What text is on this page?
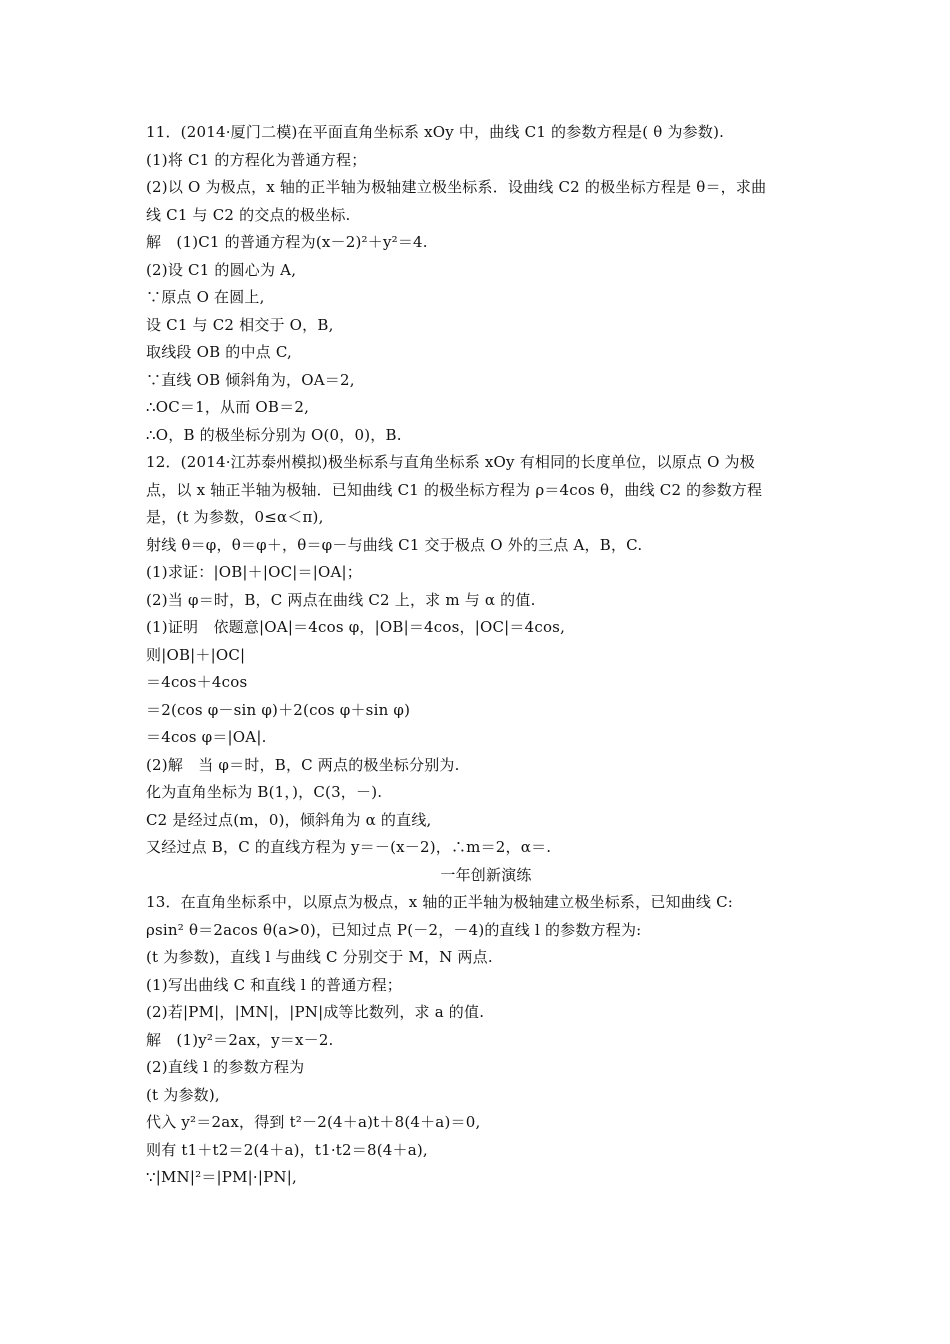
11．(2014·厦门二模)在平面直角坐标系 xOy 中，曲线 C1 的参数方程是( θ 为参数).
(1)将 C1 的方程化为普通方程；
(2)以 O 为极点，x 轴的正半轴为极轴建立极坐标系．设曲线 C2 的极坐标方程是 θ＝，求曲
线 C1 与 C2 的交点的极坐标.
解　(1)C1 的普通方程为(x－2)²＋y²＝4.
(2)设 C1 的圆心为 A,
∵原点 O 在圆上,
设 C1 与 C2 相交于 O，B,
取线段 OB 的中点 C,
∵直线 OB 倾斜角为，OA＝2,
∴OC＝1，从而 OB＝2,
∴O，B 的极坐标分别为 O(0，0)，B.
12．(2014·江苏泰州模拟)极坐标系与直角坐标系 xOy 有相同的长度单位，以原点 O 为极
点，以 x 轴正半轴为极轴．已知曲线 C1 的极坐标方程为 ρ＝4cos θ，曲线 C2 的参数方程
是，(t 为参数，0≤α＜π),
射线 θ＝φ，θ＝φ＋，θ＝φ－与曲线 C1 交于极点 O 外的三点 A，B，C.
(1)求证：|OB|＋|OC|＝|OA|；
(2)当 φ＝时，B，C 两点在曲线 C2 上，求 m 与 α 的值.
(1)证明　依题意|OA|＝4cos φ，|OB|＝4cos，|OC|＝4cos,
则|OB|＋|OC|
＝4cos＋4cos
＝2(cos φ－sin φ)＋2(cos φ＋sin φ)
＝4cos φ＝|OA|.
(2)解　当 φ＝时，B，C 两点的极坐标分别为.
化为直角坐标为 B(1，)，C(3，－).
C2 是经过点(m，0)，倾斜角为 α 的直线,
又经过点 B，C 的直线方程为 y＝－(x－2)，∴m＝2，α＝.
一年创新演练
13．在直角坐标系中，以原点为极点，x 轴的正半轴为极轴建立极坐标系，已知曲线 C:
ρsin² θ＝2acos θ(a>0)，已知过点 P(－2，－4)的直线 l 的参数方程为:
(t 为参数)，直线 l 与曲线 C 分别交于 M，N 两点.
(1)写出曲线 C 和直线 l 的普通方程；
(2)若|PM|，|MN|，|PN|成等比数列，求 a 的值.
解　(1)y²＝2ax，y＝x－2.
(2)直线 l 的参数方程为
(t 为参数),
代入 y²＝2ax，得到 t²－2(4＋a)t＋8(4＋a)＝0,
则有 t1＋t2＝2(4＋a)，t1·t2＝8(4＋a),
∵|MN|²＝|PM|·|PN|,
